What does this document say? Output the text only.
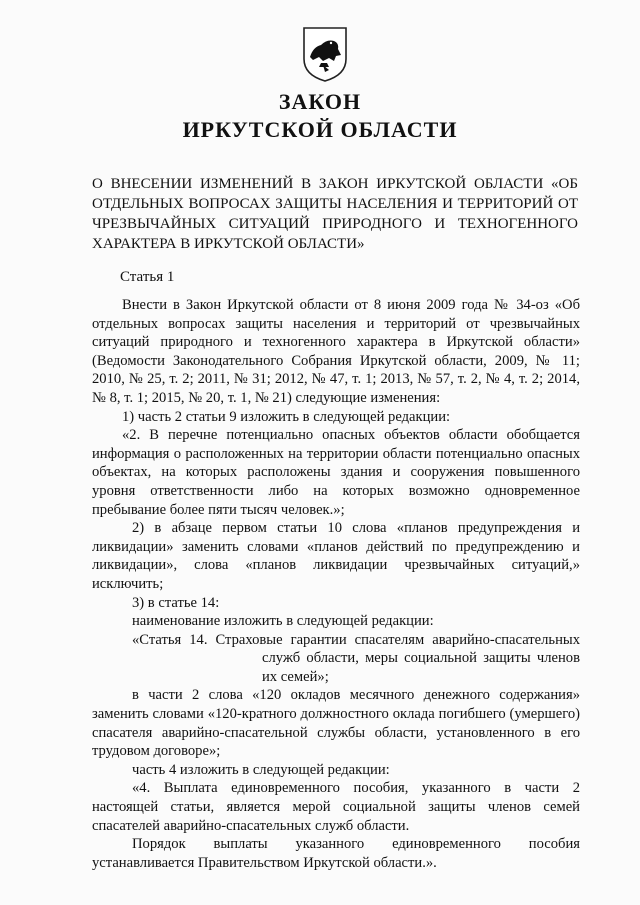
ЗАКОН
ИРКУТСКОЙ ОБЛАСТИ
О ВНЕСЕНИИ ИЗМЕНЕНИЙ В ЗАКОН ИРКУТСКОЙ ОБЛАСТИ «ОБ ОТДЕЛЬНЫХ ВОПРОСАХ ЗАЩИТЫ НАСЕЛЕНИЯ И ТЕРРИТОРИЙ ОТ ЧРЕЗВЫЧАЙНЫХ СИТУАЦИЙ ПРИРОДНОГО И ТЕХНОГЕННОГО ХАРАКТЕРА В ИРКУТСКОЙ ОБЛАСТИ»
Статья 1

Внести в Закон Иркутской области от 8 июня 2009 года № 34-оз «Об отдельных вопросах защиты населения и территорий от чрезвычайных ситуаций природного и техногенного характера в Иркутской области» (Ведомости Законодательного Собрания Иркутской области, 2009, № 11; 2010, № 25, т. 2; 2011, № 31; 2012, № 47, т. 1; 2013, № 57, т. 2, № 4, т. 2; 2014, № 8, т. 1; 2015, № 20, т. 1, № 21) следующие изменения:

1) часть 2 статьи 9 изложить в следующей редакции:

«2. В перечне потенциально опасных объектов области обобщается информация о расположенных на территории области потенциально опасных объектах, на которых расположены здания и сооружения повышенного уровня ответственности либо на которых возможно одновременное пребывание более пяти тысяч человек.»;

2) в абзаце первом статьи 10 слова «планов предупреждения и ликвидации» заменить словами «планов действий по предупреждению и ликвидации», слова «планов ликвидации чрезвычайных ситуаций,» исключить;

3) в статье 14:

наименование изложить в следующей редакции:

«Статья 14. Страховые гарантии спасателям аварийно-спасательных служб области, меры социальной защиты членов их семей»;

в части 2 слова «120 окладов месячного денежного содержания» заменить словами «120-кратного должностного оклада погибшего (умершего) спасателя аварийно-спасательной службы области, установленного в его трудовом договоре»;

часть 4 изложить в следующей редакции:

«4. Выплата единовременного пособия, указанного в части 2 настоящей статьи, является мерой социальной защиты членов семей спасателей аварийно-спасательных служб области.

Порядок выплаты указанного единовременного пособия устанавливается Правительством Иркутской области.».
